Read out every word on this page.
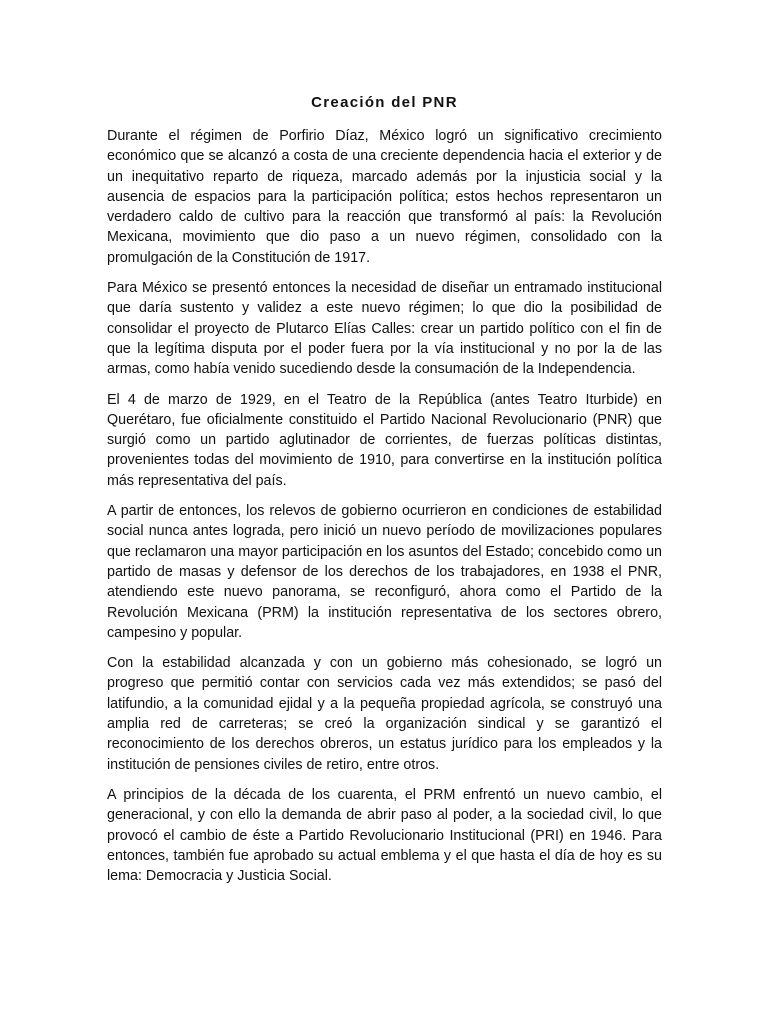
Creación del PNR

Durante el régimen de Porfirio Díaz, México logró un significativo crecimiento económico que se alcanzó a costa de una creciente dependencia hacia el exterior y de un inequitativo reparto de riqueza, marcado además por la injusticia social y la ausencia de espacios para la participación política; estos hechos representaron un verdadero caldo de cultivo para la reacción que transformó al país: la Revolución Mexicana, movimiento que dio paso a un nuevo régimen, consolidado con la promulgación de la Constitución de 1917.

Para México se presentó entonces la necesidad de diseñar un entramado institucional que daría sustento y validez a este nuevo régimen; lo que dio la posibilidad de consolidar el proyecto de Plutarco Elías Calles: crear un partido político con el fin de que la legítima disputa por el poder fuera por la vía institucional y no por la de las armas, como había venido sucediendo desde la consumación de la Independencia.

El 4 de marzo de 1929, en el Teatro de la República (antes Teatro Iturbide) en Querétaro, fue oficialmente constituido el Partido Nacional Revolucionario (PNR) que surgió como un partido aglutinador de corrientes, de fuerzas políticas distintas, provenientes todas del movimiento de 1910, para convertirse en la institución política más representativa del país.

A partir de entonces, los relevos de gobierno ocurrieron en condiciones de estabilidad social nunca antes lograda, pero inició un nuevo período de movilizaciones populares que reclamaron una mayor participación en los asuntos del Estado; concebido como un partido de masas y defensor de los derechos de los trabajadores, en 1938 el PNR, atendiendo este nuevo panorama, se reconfiguró, ahora como el Partido de la Revolución Mexicana (PRM) la institución representativa de los sectores obrero, campesino y popular.

Con la estabilidad alcanzada y con un gobierno más cohesionado, se logró un progreso que permitió contar con servicios cada vez más extendidos; se pasó del latifundio, a la comunidad ejidal y a la pequeña propiedad agrícola, se construyó una amplia red de carreteras; se creó la organización sindical y se garantizó el reconocimiento de los derechos obreros, un estatus jurídico para los empleados y la institución de pensiones civiles de retiro, entre otros.

A principios de la década de los cuarenta, el PRM enfrentó un nuevo cambio, el generacional, y con ello la demanda de abrir paso al poder, a la sociedad civil, lo que provocó el cambio de éste a Partido Revolucionario Institucional (PRI) en 1946. Para entonces, también fue aprobado su actual emblema y el que hasta el día de hoy es su lema: Democracia y Justicia Social.
